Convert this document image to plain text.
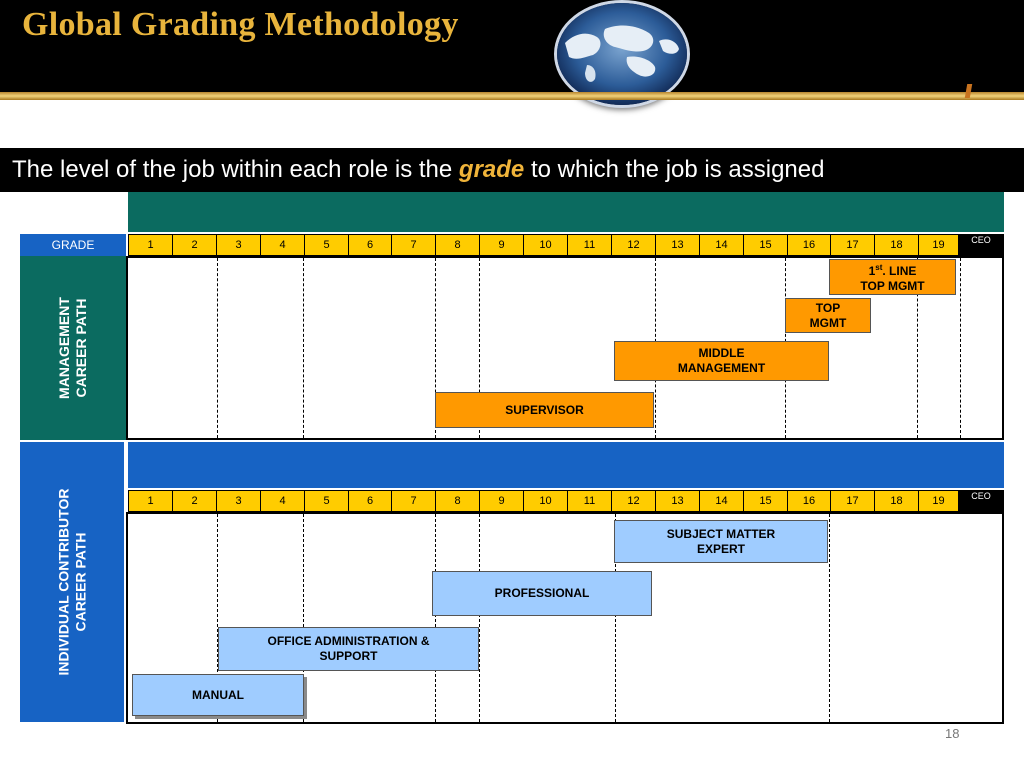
Global Grading Methodology
The level of the job within each role is the grade to which the job is assigned
GRADE	1	2	3	4	5	6	7	8	9	10	11	12	13	14	15	16	17	18	19	CEO
MANAGEMENT
CAREER PATH
1st. LINE
TOP MGMT
TOP
MGMT
MIDDLE
MANAGEMENT
SUPERVISOR
1	2	3	4	5	6	7	8	9	10	11	12	13	14	15	16	17	18	19	CEO
INDIVIDUAL CONTRIBUTOR
CAREER PATH	SUBJECT MATTER
EXPERT
PROFESSIONAL
OFFICE ADMINISTRATION &
SUPPORT
MANUAL
18
